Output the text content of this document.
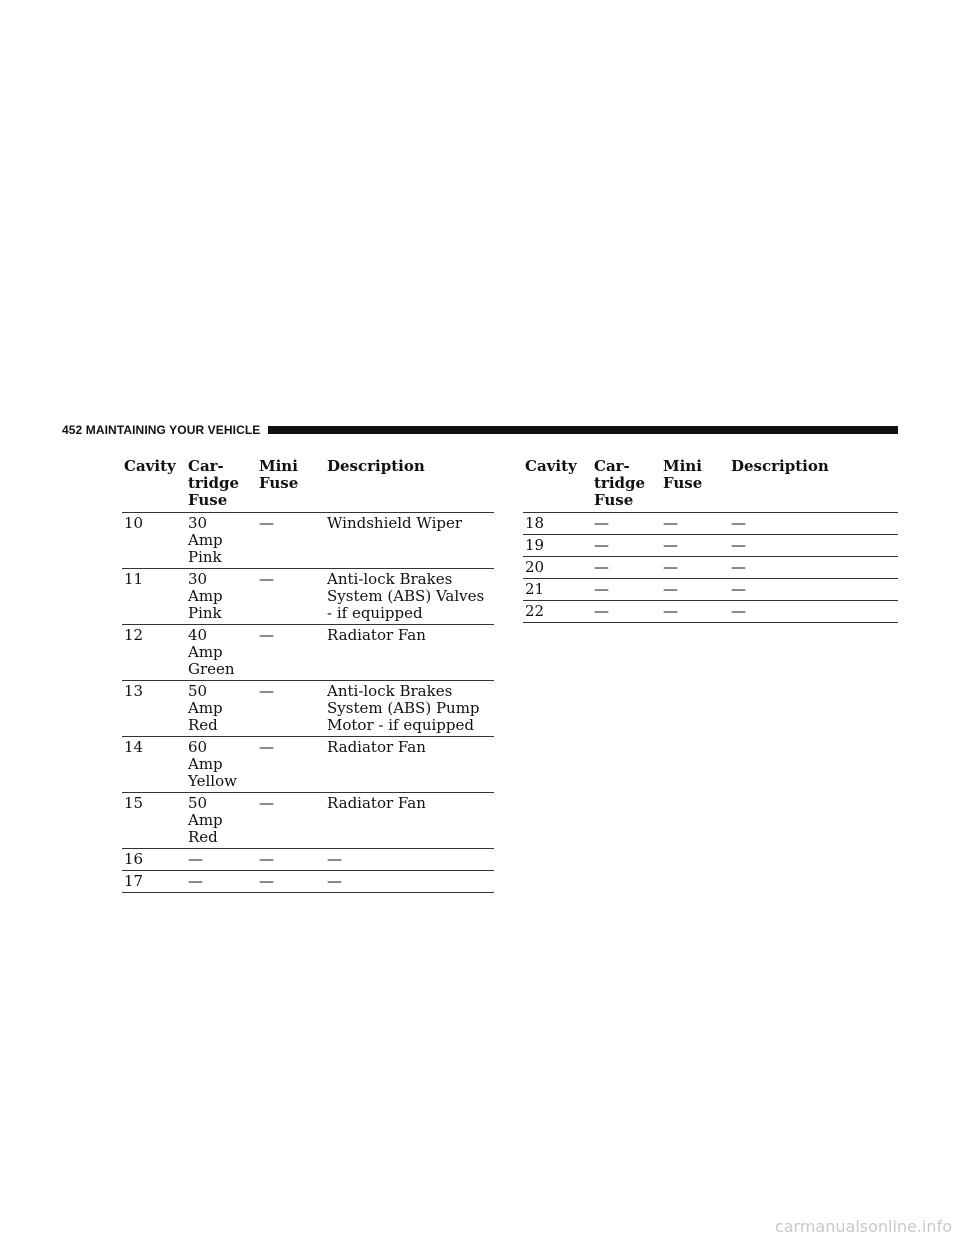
452 MAINTAINING YOUR VEHICLE
Cavity	Car- tridge Fuse	Mini Fuse	Description
10	30 Amp Pink	—	Windshield Wiper

11	30 Amp Pink	—	Anti-lock Brakes System (ABS) Valves - if equipped

12	40 Amp Green	—	Radiator Fan

13	50 Amp Red	—	Anti-lock Brakes System (ABS) Pump Motor - if equipped

14	60 Amp Yellow	—	Radiator Fan

15	50 Amp Red	—	Radiator Fan

16	—	—	—

17	—	—	—
Cavity	Car- tridge Fuse	Mini Fuse	Description
18	—	—	—

19	—	—	—

20	—	—	—

21	—	—	—

22	—	—	—
carmanualsonline.info
